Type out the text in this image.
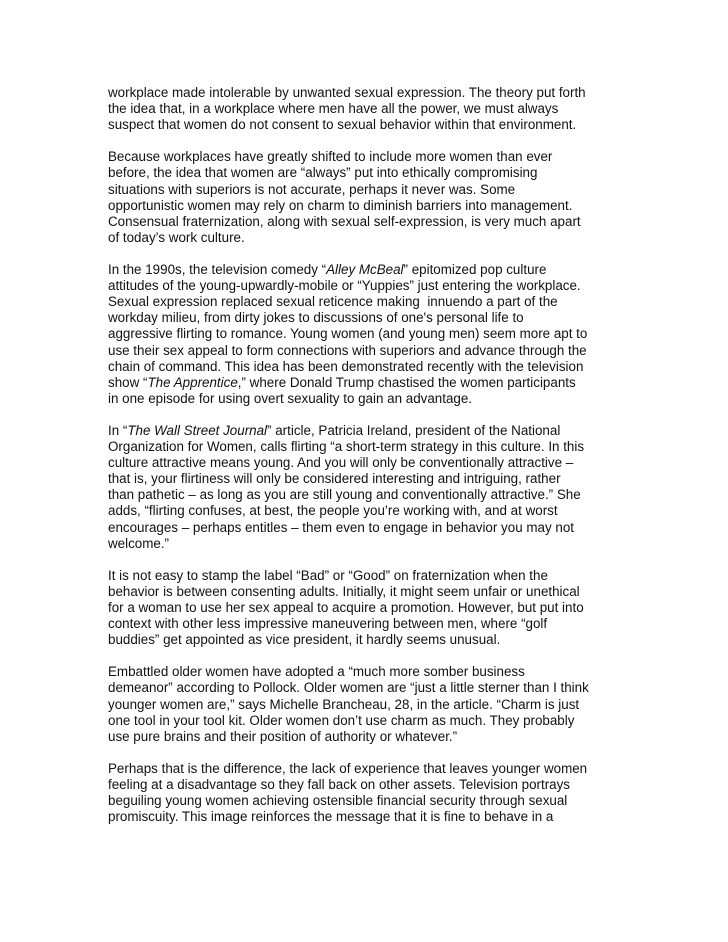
workplace made intolerable by unwanted sexual expression. The theory put forth
the idea that, in a workplace where men have all the power, we must always
suspect that women do not consent to sexual behavior within that environment.
Because workplaces have greatly shifted to include more women than ever
before, the idea that women are “always” put into ethically compromising
situations with superiors is not accurate, perhaps it never was. Some
opportunistic women may rely on charm to diminish barriers into management.
Consensual fraternization, along with sexual self-expression, is very much apart
of today’s work culture.
In the 1990s, the television comedy “Alley McBeal” epitomized pop culture
attitudes of the young-upwardly-mobile or “Yuppies” just entering the workplace.
Sexual expression replaced sexual reticence making  innuendo a part of the
workday milieu, from dirty jokes to discussions of one's personal life to
aggressive flirting to romance. Young women (and young men) seem more apt to
use their sex appeal to form connections with superiors and advance through the
chain of command. This idea has been demonstrated recently with the television
show “The Apprentice,” where Donald Trump chastised the women participants
in one episode for using overt sexuality to gain an advantage.
In “The Wall Street Journal” article, Patricia Ireland, president of the National
Organization for Women, calls flirting “a short-term strategy in this culture. In this
culture attractive means young. And you will only be conventionally attractive –
that is, your flirtiness will only be considered interesting and intriguing, rather
than pathetic – as long as you are still young and conventionally attractive.” She
adds, “flirting confuses, at best, the people you’re working with, and at worst
encourages – perhaps entitles – them even to engage in behavior you may not
welcome.”
It is not easy to stamp the label “Bad” or “Good” on fraternization when the
behavior is between consenting adults. Initially, it might seem unfair or unethical
for a woman to use her sex appeal to acquire a promotion. However, but put into
context with other less impressive maneuvering between men, where “golf
buddies” get appointed as vice president, it hardly seems unusual.
Embattled older women have adopted a “much more somber business
demeanor” according to Pollock. Older women are “just a little sterner than I think
younger women are,” says Michelle Brancheau, 28, in the article. “Charm is just
one tool in your tool kit. Older women don’t use charm as much. They probably
use pure brains and their position of authority or whatever.”
Perhaps that is the difference, the lack of experience that leaves younger women
feeling at a disadvantage so they fall back on other assets. Television portrays
beguiling young women achieving ostensible financial security through sexual
promiscuity. This image reinforces the message that it is fine to behave in a
